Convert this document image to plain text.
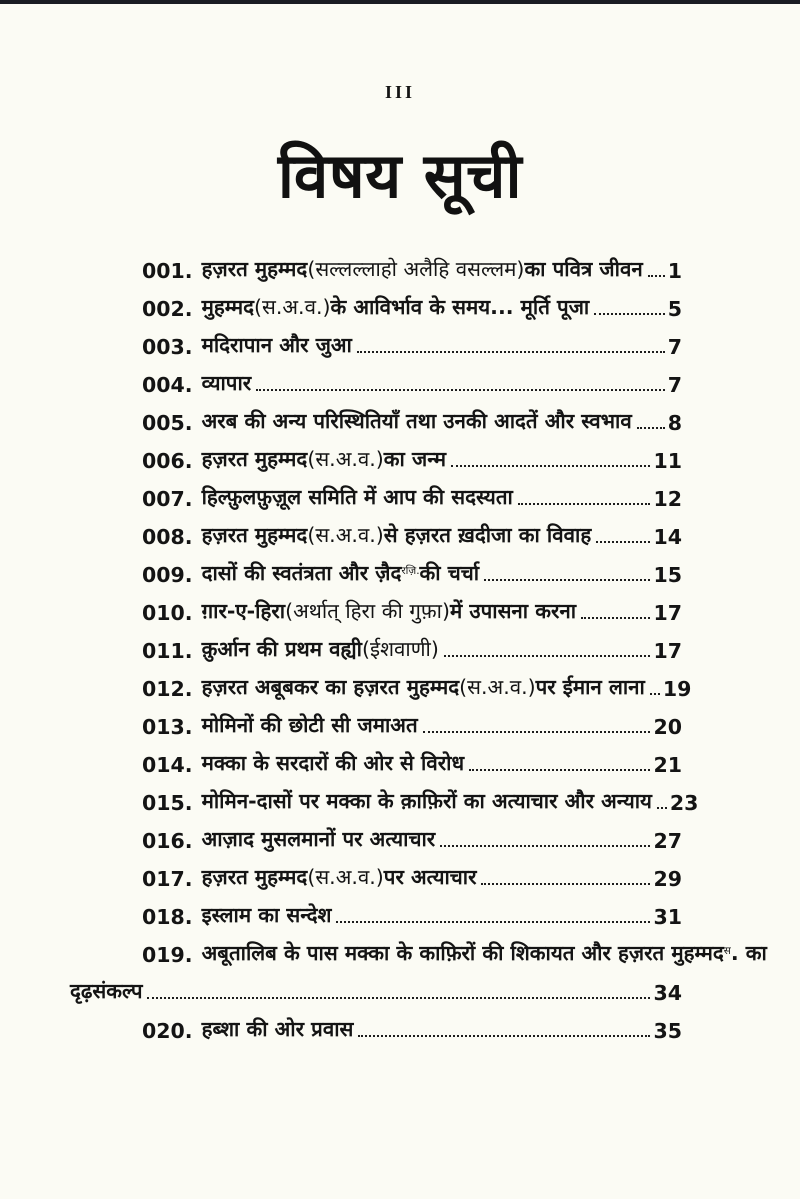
III
विषय सूची
001. हज़रत मुहम्मद (सल्लल्लाहो अलैहि वसल्लम) का पवित्र जीवन 1
002. मुहम्मद (स.अ.व.) के आविर्भाव के समय... मूर्ति पूजा	5
003. मदिरापान और जुआ	7
004. व्यापार	7
005. अरब की अन्य परिस्थितियाँ तथा उनकी आदतें और स्वभाव 8
006. हज़रत मुहम्मद (स.अ.व.) का जन्म	11
007. हिल्फ़ुलफ़ुज़ूल समिति में आप की सदस्यता	12
008. हज़रत मुहम्मद (स.अ.व.) से हज़रत ख़दीजा का विवाह	14
009. दासों की स्वतंत्रता और ज़ैद रज़ि. की चर्चा	15
010. ग़ार-ए-हिरा (अर्थात् हिरा की गुफ़ा) में उपासना करना	17
011. क़ुर्आन की प्रथम वह्यी (ईशवाणी)	17
012. हज़रत अबूबकर का हज़रत मुहम्मद (स.अ.व.) पर ईमान लाना 19
013. मोमिनों की छोटी सी जमाअत	20
014. मक्का के सरदारों की ओर से विरोध	21
015. मोमिन-दासों पर मक्का के क़ाफ़िरों का अत्याचार और अन्याय 23
016. आज़ाद मुसलमानों पर अत्याचार	27
017. हज़रत मुहम्मद (स.अ.व.) पर अत्याचार	29
018. इस्लाम का सन्देश	31
019. अबूतालिब के पास मक्का के काफ़िरों की शिकायत और हज़रत मुहम्मद स . का
दृढ़संकल्प	34
020. हब्शा की ओर प्रवास	35
